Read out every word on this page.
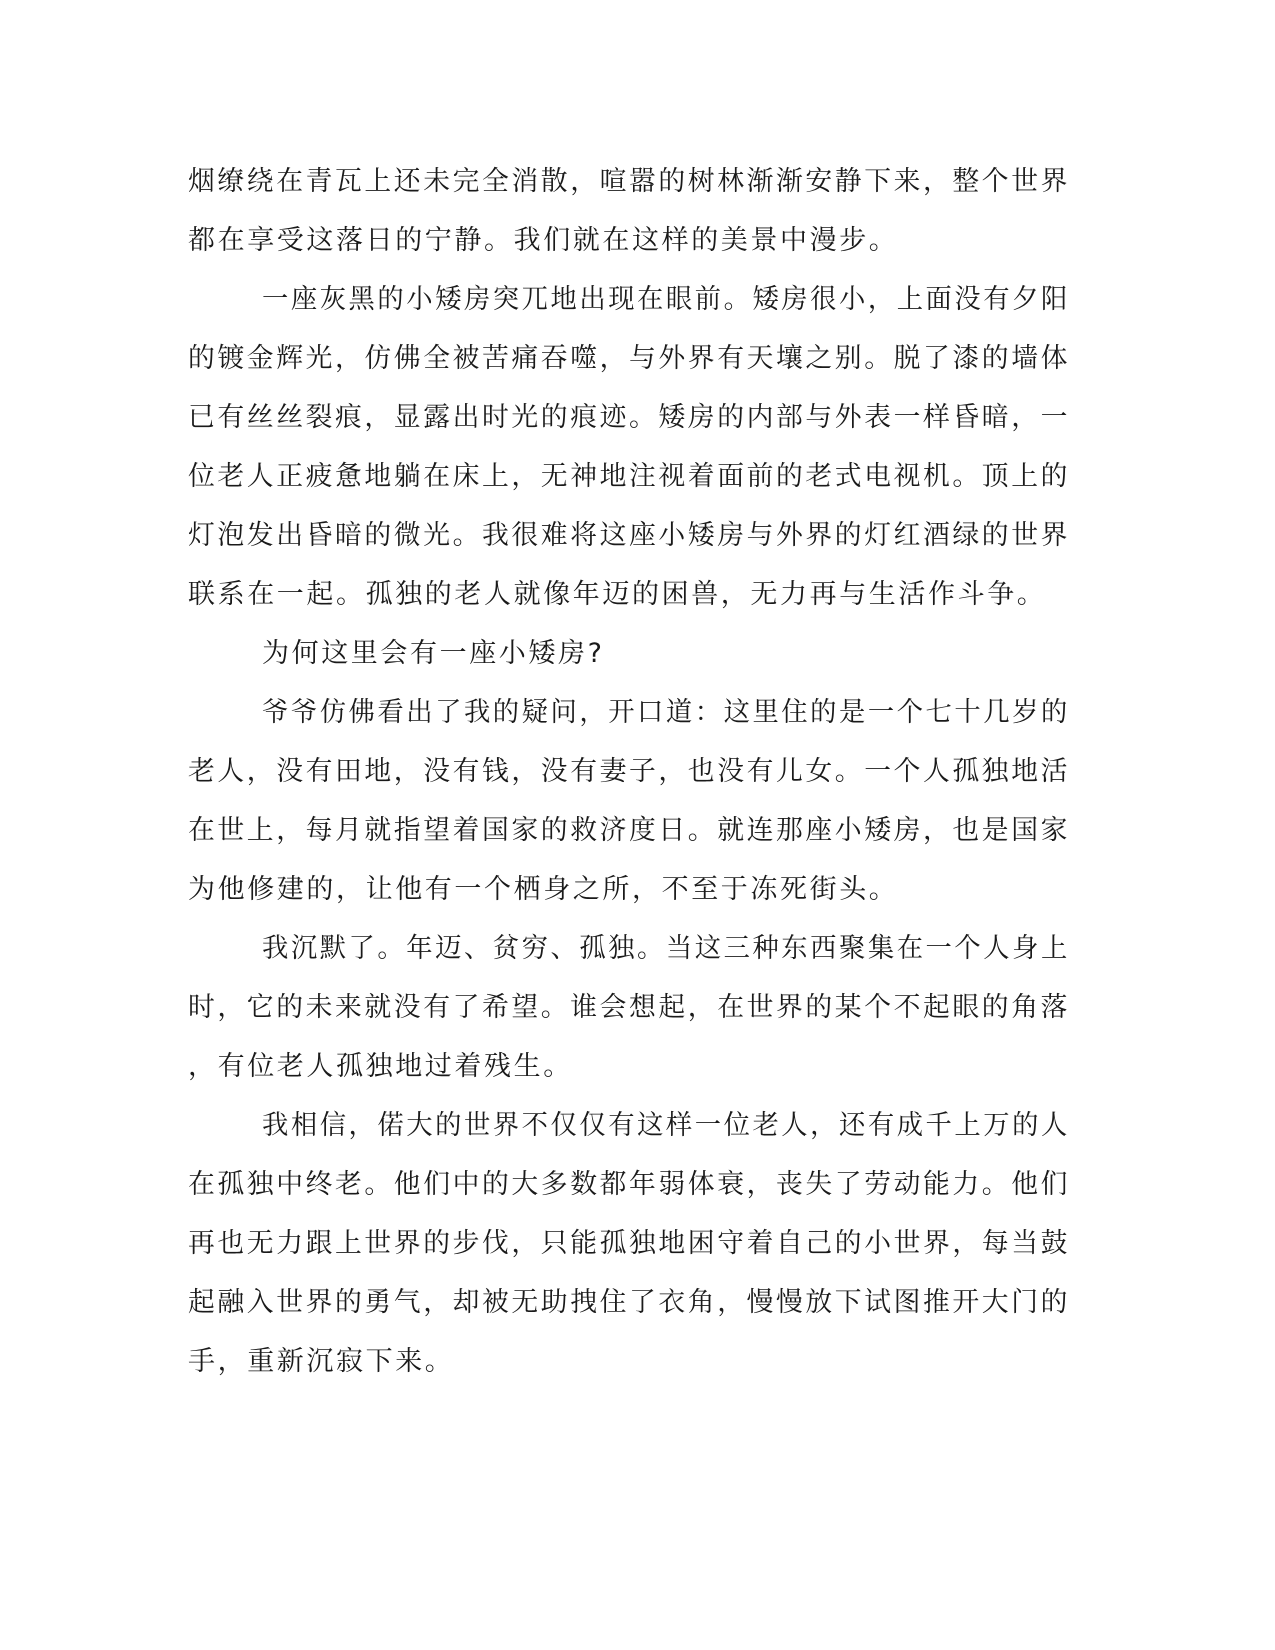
烟缭绕在青瓦上还未完全消散，喧嚣的树林渐渐安静下来，整个世界
都在享受这落日的宁静。我们就在这样的美景中漫步。
一座灰黑的小矮房突兀地出现在眼前。矮房很小，上面没有夕阳
的镀金辉光，仿佛全被苦痛吞噬，与外界有天壤之别。脱了漆的墙体
已有丝丝裂痕，显露出时光的痕迹。矮房的内部与外表一样昏暗，一
位老人正疲惫地躺在床上，无神地注视着面前的老式电视机。顶上的
灯泡发出昏暗的微光。我很难将这座小矮房与外界的灯红酒绿的世界
联系在一起。孤独的老人就像年迈的困兽，无力再与生活作斗争。
为何这里会有一座小矮房?
爷爷仿佛看出了我的疑问，开口道：这里住的是一个七十几岁的
老人，没有田地，没有钱，没有妻子，也没有儿女。一个人孤独地活
在世上，每月就指望着国家的救济度日。就连那座小矮房，也是国家
为他修建的，让他有一个栖身之所，不至于冻死街头。
我沉默了。年迈、贫穷、孤独。当这三种东西聚集在一个人身上
时，它的未来就没有了希望。谁会想起，在世界的某个不起眼的角落
，有位老人孤独地过着残生。
我相信，偌大的世界不仅仅有这样一位老人，还有成千上万的人
在孤独中终老。他们中的大多数都年弱体衰，丧失了劳动能力。他们
再也无力跟上世界的步伐，只能孤独地困守着自己的小世界，每当鼓
起融入世界的勇气，却被无助拽住了衣角，慢慢放下试图推开大门的
手，重新沉寂下来。
